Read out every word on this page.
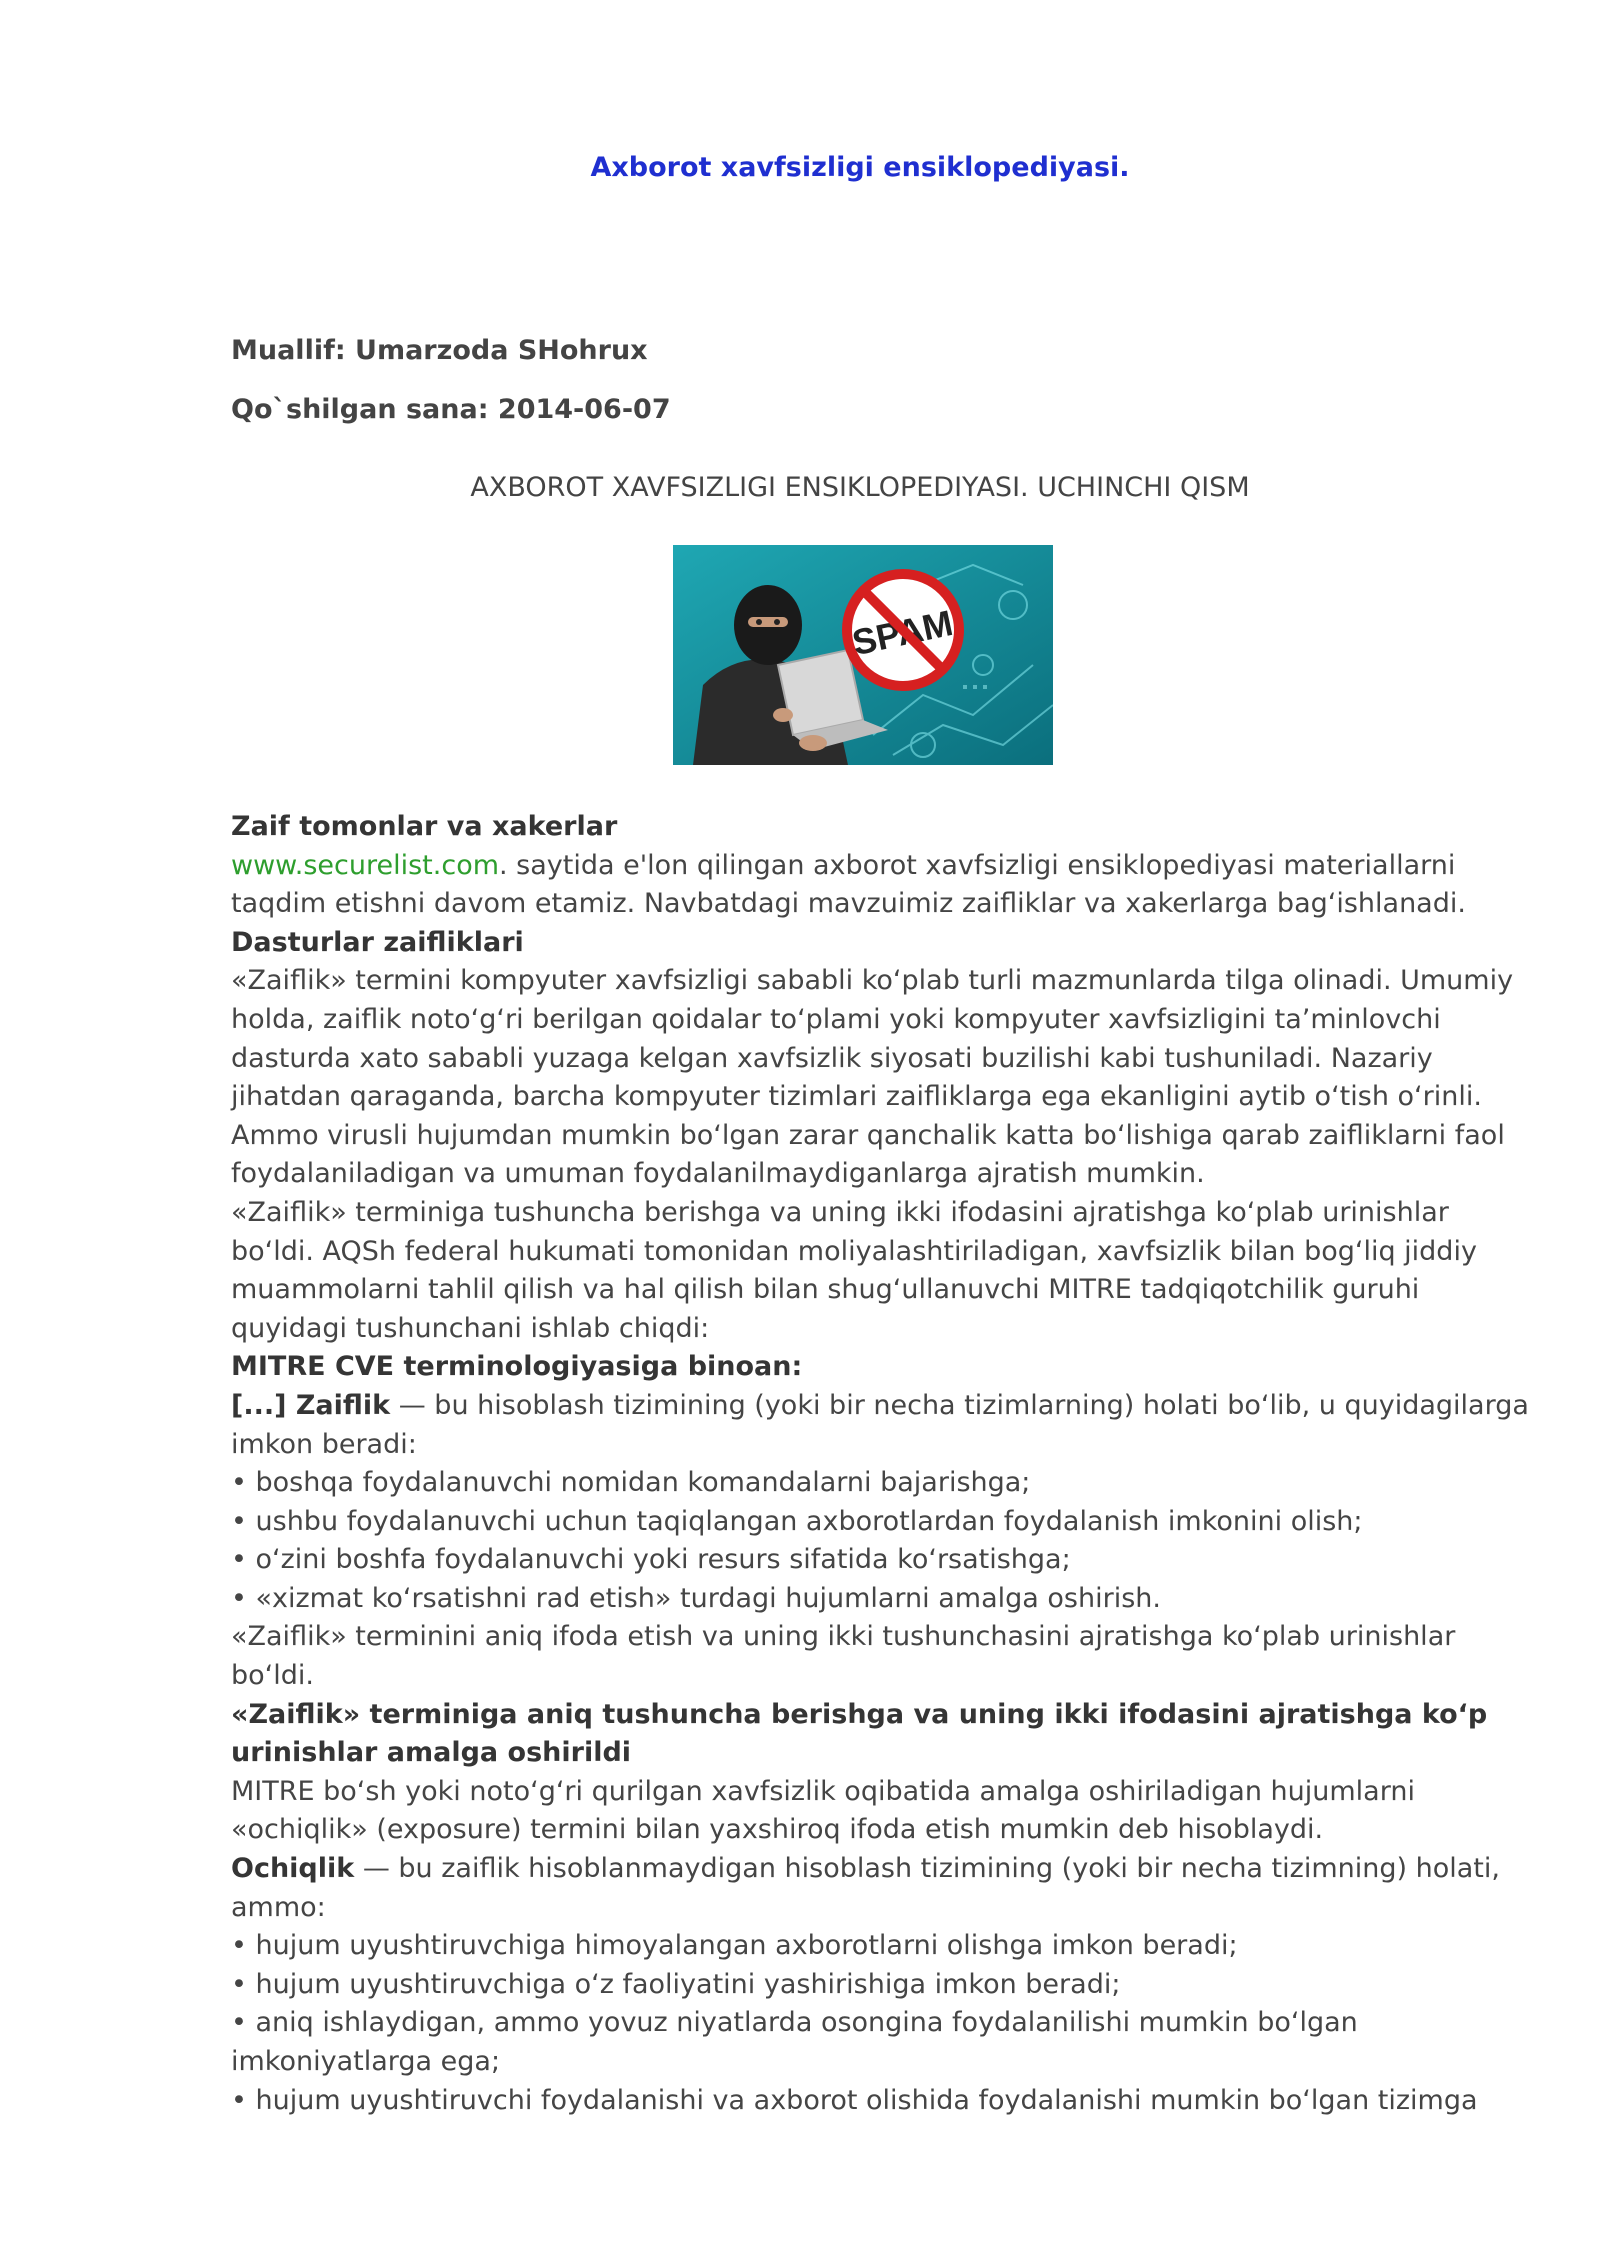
Axborot xavfsizligi ensiklopediyasi.
Muallif: Umarzoda SHohrux
Qo`shilgan sana: 2014-06-07
AXBOROT XAVFSIZLIGI ENSIKLOPEDIYASI. UCHINCHI QISM

Zaif tomonlar va xakerlar

www.securelist.com. saytida e'lon qilingan axborot xavfsizligi ensiklopediyasi materiallarni taqdim etishni davom etamiz. Navbatdagi mavzuimiz zaifliklar va xakerlarga bag‘ishlanadi.

Dasturlar zaifliklari

«Zaiflik» termini kompyuter xavfsizligi sababli ko‘plab turli mazmunlarda tilga olinadi. Umumiy holda, zaiflik noto‘g‘ri berilgan qoidalar to‘plami yoki kompyuter xavfsizligini ta’minlovchi dasturda xato sababli yuzaga kelgan xavfsizlik siyosati buzilishi kabi tushuniladi. Nazariy jihatdan qaraganda, barcha kompyuter tizimlari zaifliklarga ega ekanligini aytib o‘tish o‘rinli. Ammo virusli hujumdan mumkin bo‘lgan zarar qanchalik katta bo‘lishiga qarab zaifliklarni faol foydalaniladigan va umuman foydalanilmaydiganlarga ajratish mumkin.

«Zaiflik» terminiga tushuncha berishga va uning ikki ifodasini ajratishga ko‘plab urinishlar bo‘ldi. AQSh federal hukumati tomonidan moliyalashtiriladigan, xavfsizlik bilan bog‘liq jiddiy muammolarni tahlil qilish va hal qilish bilan shug‘ullanuvchi MITRE tadqiqotchilik guruhi quyidagi tushunchani ishlab chiqdi:

MITRE CVE terminologiyasiga binoan:

[...] Zaiflik — bu hisoblash tizimining (yoki bir necha tizimlarning) holati bo‘lib, u quyidagilarga imkon beradi:

• boshqa foydalanuvchi nomidan komandalarni bajarishga;

• ushbu foydalanuvchi uchun taqiqlangan axborotlardan foydalanish imkonini olish;

• o‘zini boshfa foydalanuvchi yoki resurs sifatida ko‘rsatishga;

• «xizmat ko‘rsatishni rad etish» turdagi hujumlarni amalga oshirish.

«Zaiflik» terminini aniq ifoda etish va uning ikki tushunchasini ajratishga ko‘plab urinishlar bo‘ldi.

«Zaiflik» terminiga aniq tushuncha berishga va uning ikki ifodasini ajratishga ko‘p urinishlar amalga oshirildi

MITRE bo‘sh yoki noto‘g‘ri qurilgan xavfsizlik oqibatida amalga oshiriladigan hujumlarni «ochiqlik» (exposure) termini bilan yaxshiroq ifoda etish mumkin deb hisoblaydi.

Ochiqlik — bu zaiflik hisoblanmaydigan hisoblash tizimining (yoki bir necha tizimning) holati, ammo:

• hujum uyushtiruvchiga himoyalangan axborotlarni olishga imkon beradi;

• hujum uyushtiruvchiga o‘z faoliyatini yashirishiga imkon beradi;

• aniq ishlaydigan, ammo yovuz niyatlarda osongina foydalanilishi mumkin bo‘lgan imkoniyatlarga ega;

• hujum uyushtiruvchi foydalanishi va axborot olishida foydalanishi mumkin bo‘lgan tizimga
